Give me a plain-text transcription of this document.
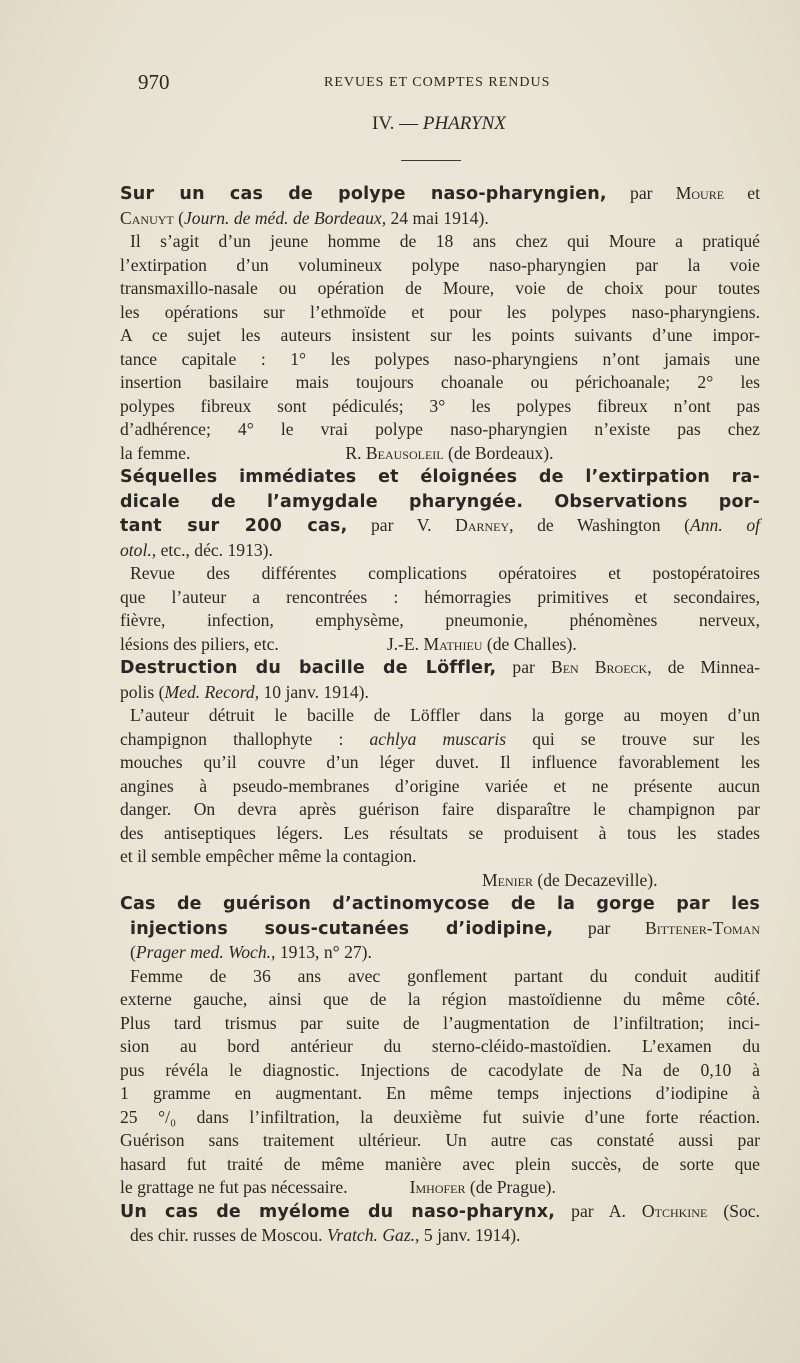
970	REVUES ET COMPTES RENDUS
IV. — PHARYNX

Sur un cas de polype naso-pharyngien, par Moure et

Canuyt (Journ. de méd. de Bordeaux, 24 mai 1914).

Il s’agit d’un jeune homme de 18 ans chez qui Moure a pratiqué

l’extirpation d’un volumineux polype naso-pharyngien par la voie

transmaxillo-nasale ou opération de Moure, voie de choix pour toutes

les opérations sur l’ethmoïde et pour les polypes naso-pharyngiens.

A ce sujet les auteurs insistent sur les points suivants d’une impor-

tance capitale : 1° les polypes naso-pharyngiens n’ont jamais une

insertion basilaire mais toujours choanale ou périchoanale; 2° les

polypes fibreux sont pédiculés; 3° les polypes fibreux n’ont pas

d’adhérence; 4° le vrai polype naso-pharyngien n’existe pas chez

la femme.	R. Beausoleil (de Bordeaux).

Séquelles immédiates et éloignées de l’extirpation ra-

dicale de l’amygdale pharyngée. Observations por-

tant sur 200 cas, par V. Darney, de Washington (Ann. of

otol., etc., déc. 1913).

Revue des différentes complications opératoires et postopératoires

que l’auteur a rencontrées : hémorragies primitives et secondaires,

fièvre, infection, emphysème, pneumonie, phénomènes nerveux,

lésions des piliers, etc.	J.-E. Mathieu (de Challes).

Destruction du bacille de Löffler, par Ben Broeck, de Minnea-

polis (Med. Record, 10 janv. 1914).

L’auteur détruit le bacille de Löffler dans la gorge au moyen d’un

champignon thallophyte : achlya muscaris qui se trouve sur les

mouches qu’il couvre d’un léger duvet. Il influence favorablement les

angines à pseudo-membranes d’origine variée et ne présente aucun

danger. On devra après guérison faire disparaître le champignon par

des antiseptiques légers. Les résultats se produisent à tous les stades

et il semble empêcher même la contagion.

Menier (de Decazeville).

Cas de guérison d’actinomycose de la gorge par les

injections sous-cutanées d’iodipine, par Bittener-Toman

(Prager med. Woch., 1913, n° 27).

Femme de 36 ans avec gonflement partant du conduit auditif

externe gauche, ainsi que de la région mastoïdienne du même côté.

Plus tard trismus par suite de l’augmentation de l’infiltration; inci-

sion au bord antérieur du sterno-cléido-mastoïdien. L’examen du

pus révéla le diagnostic. Injections de cacodylate de Na de 0,10 à

1 gramme en augmentant. En même temps injections d’iodipine à

25 °/₀ dans l’infiltration, la deuxième fut suivie d’une forte réaction.

Guérison sans traitement ultérieur. Un autre cas constaté aussi par

hasard fut traité de même manière avec plein succès, de sorte que

le grattage ne fut pas nécessaire.	Imhofer (de Prague).

Un cas de myélome du naso-pharynx, par A. Otchkine (Soc.

des chir. russes de Moscou. Vratch. Gaz., 5 janv. 1914).
